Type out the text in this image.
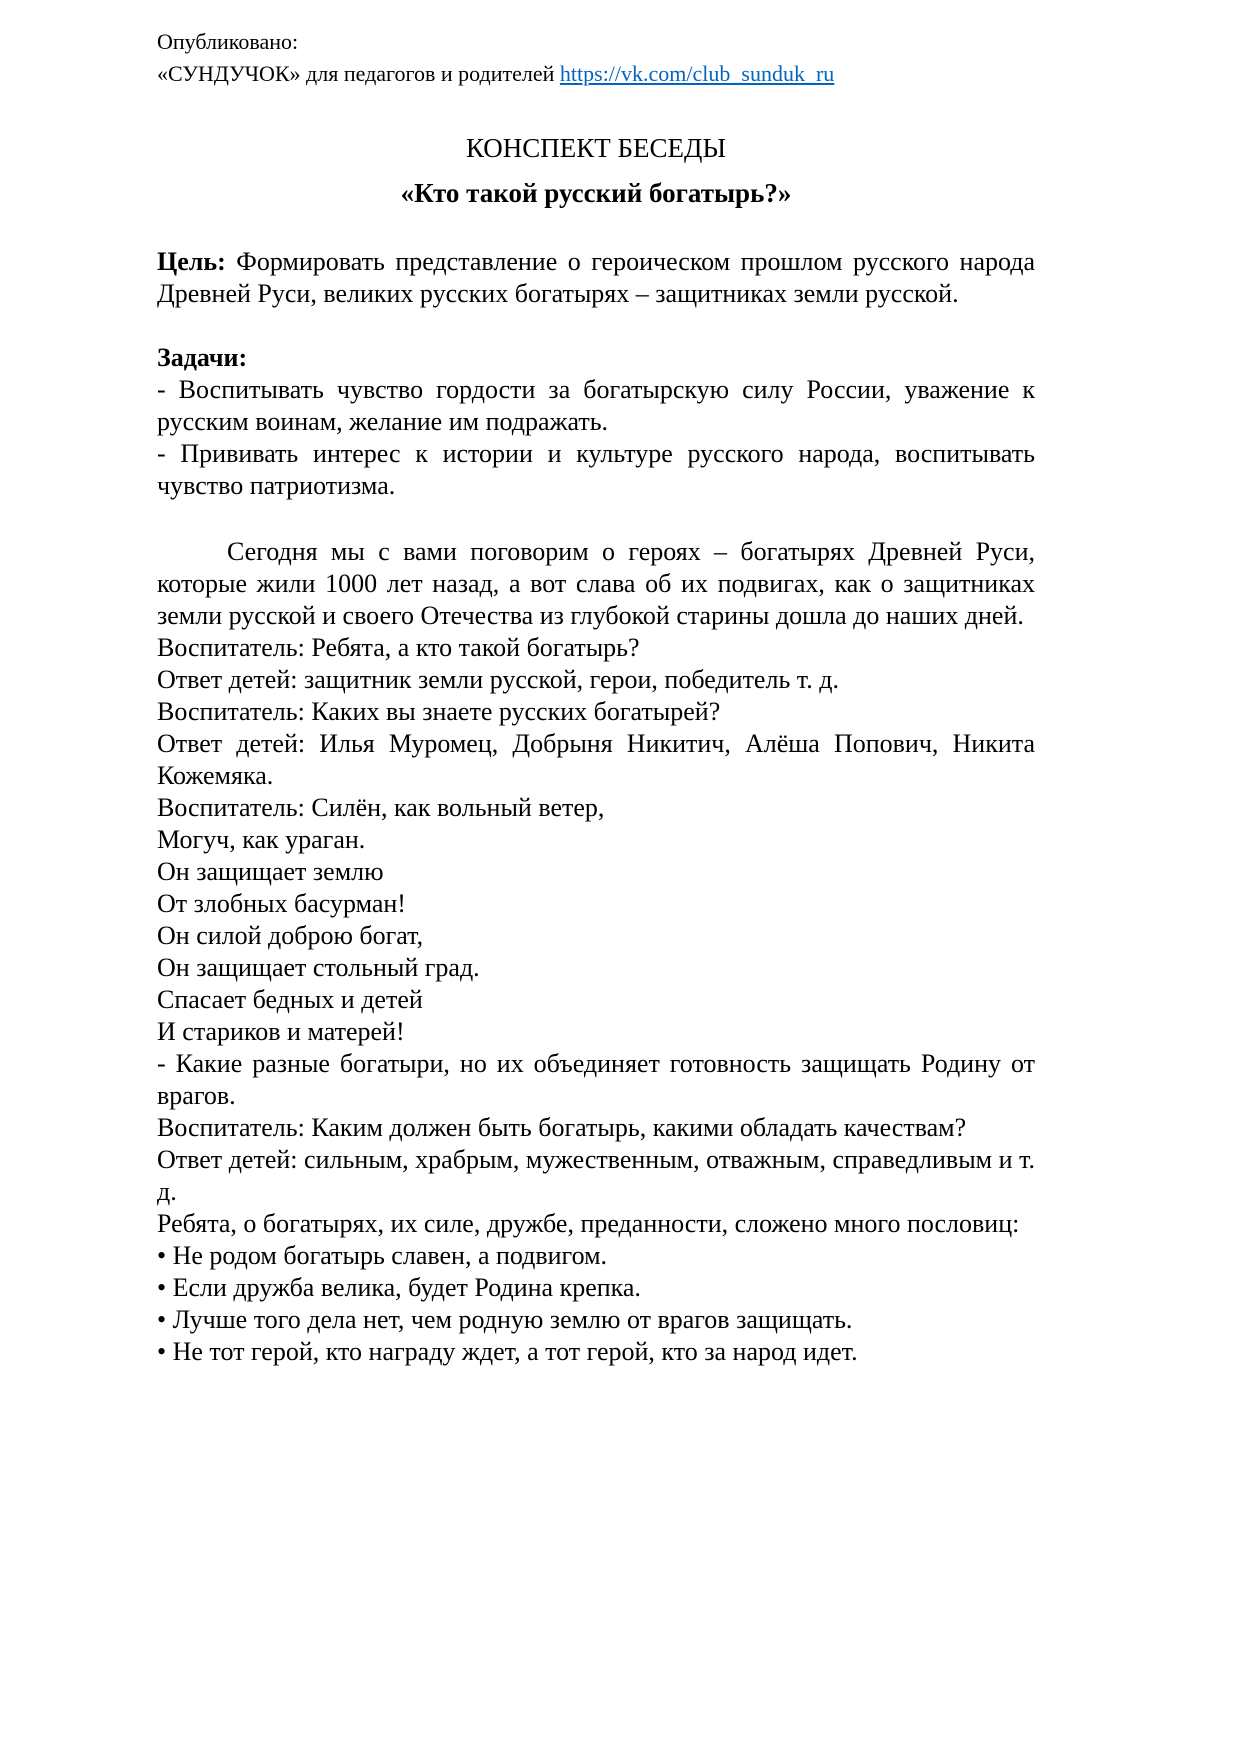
Опубликовано:
«СУНДУЧОК» для педагогов и родителей https://vk.com/club_sunduk_ru
КОНСПЕКТ БЕСЕДЫ
«Кто такой русский богатырь?»

Цель: Формировать представление о героическом прошлом русского народа Древней Руси, великих русских богатырях – защитниках земли русской.

Задачи:

- Воспитывать чувство гордости за богатырскую силу России, уважение к русским воинам, желание им подражать.

- Прививать интерес к истории и культуре русского народа, воспитывать чувство патриотизма.

Сегодня мы с вами поговорим о героях – богатырях Древней Руси, которые жили 1000 лет назад, а вот слава об их подвигах, как о защитниках земли русской и своего Отечества из глубокой старины дошла до наших дней.

Воспитатель: Ребята, а кто такой богатырь?

Ответ детей: защитник земли русской, герои, победитель т. д.

Воспитатель: Каких вы знаете русских богатырей?

Ответ детей: Илья Муромец, Добрыня Никитич, Алёша Попович, Никита Кожемяка.

Воспитатель: Силён, как вольный ветер,

Могуч, как ураган.

Он защищает землю

От злобных басурман!

Он силой доброю богат,

Он защищает стольный град.

Спасает бедных и детей

И стариков и матерей!

- Какие разные богатыри, но их объединяет готовность защищать Родину от врагов.

Воспитатель: Каким должен быть богатырь, какими обладать качествам?

Ответ детей: сильным, храбрым, мужественным, отважным, справедливым и т. д.

Ребята, о богатырях, их силе, дружбе, преданности, сложено много пословиц:

• Не родом богатырь славен, а подвигом.

• Если дружба велика, будет Родина крепка.

• Лучше того дела нет, чем родную землю от врагов защищать.

• Не тот герой, кто награду ждет, а тот герой, кто за народ идет.
